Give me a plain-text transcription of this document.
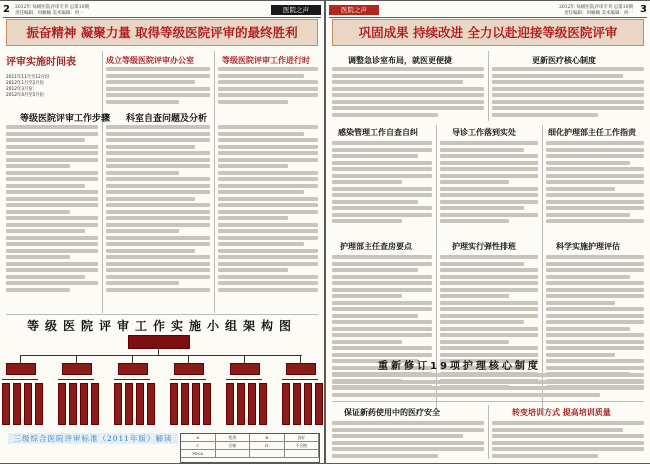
2 2012年 每级医院评审专刊 总第10期
责任编辑：何楠楠 美术编辑：何一	医院之声
振奋精神 凝聚力量 取得等级医院评审的最终胜利
评审实施时间表	成立等级医院评审办公室	等级医院评审工作进行时
2011年11月至12月份
2012年1月至2月份
2012年3月份：
2012年4月至5月份
等级医院评审工作步骤 科室自查问题及分析
等级医院评审工作实施小组架构图
三级综合医院评审标准（2011年版）解读	A	优秀	B	良好
C	合格	D	不合格
PDCA
医院之声	2012年 每级医院评审专刊 总第10期
责任编辑：何楠楠 美术编辑：何一 3
巩固成果 持续改进 全力以赴迎接等级医院评审
调整急诊室布局，就医更便捷	更新医疗核心制度
感染管理工作自查自纠	导诊工作落到实处	细化护理部主任工作指责
护理部主任查房要点	护理实行弹性排班	科学实施护理评估
重新修订19项护理核心制度
保证新药使用中的医疗安全	转变培训方式 提高培训质量
